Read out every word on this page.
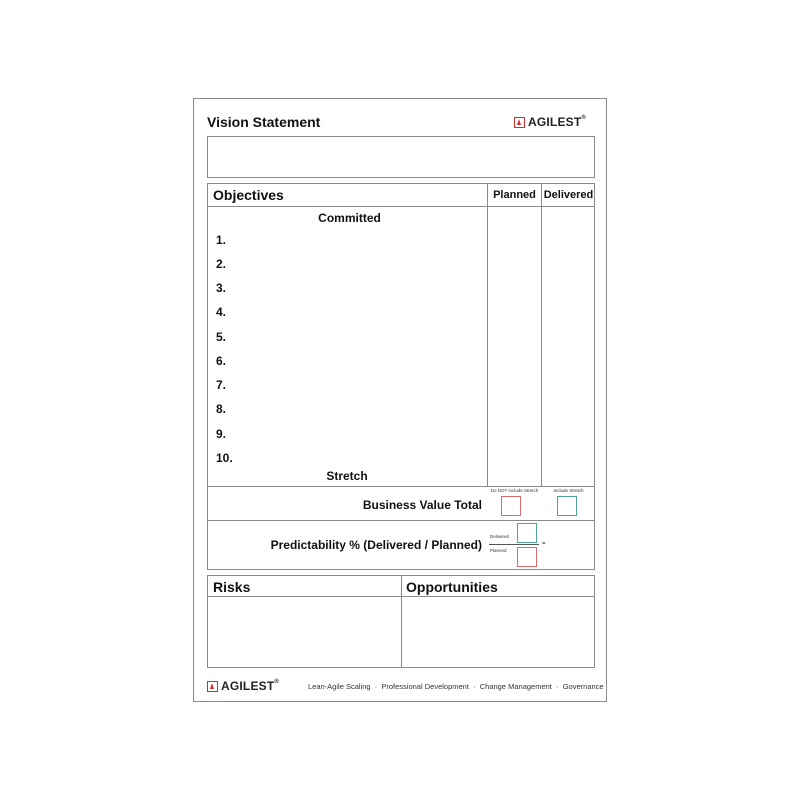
Vision Statement	AGILEST®
Objectives	Planned Delivered
Committed
1.
2.
3.
4.
5.
6.
7.
8.
9.
10.
Stretch
Business Value Total
Do NOT include Stretch	Include Stretch
Predictability % (Delivered / Planned)
Delivered
Planned
=
Risks	Opportunities
AGILEST®	Lean-Agile Scaling  ·  Professional Development  ·  Change Management  ·  Governance
